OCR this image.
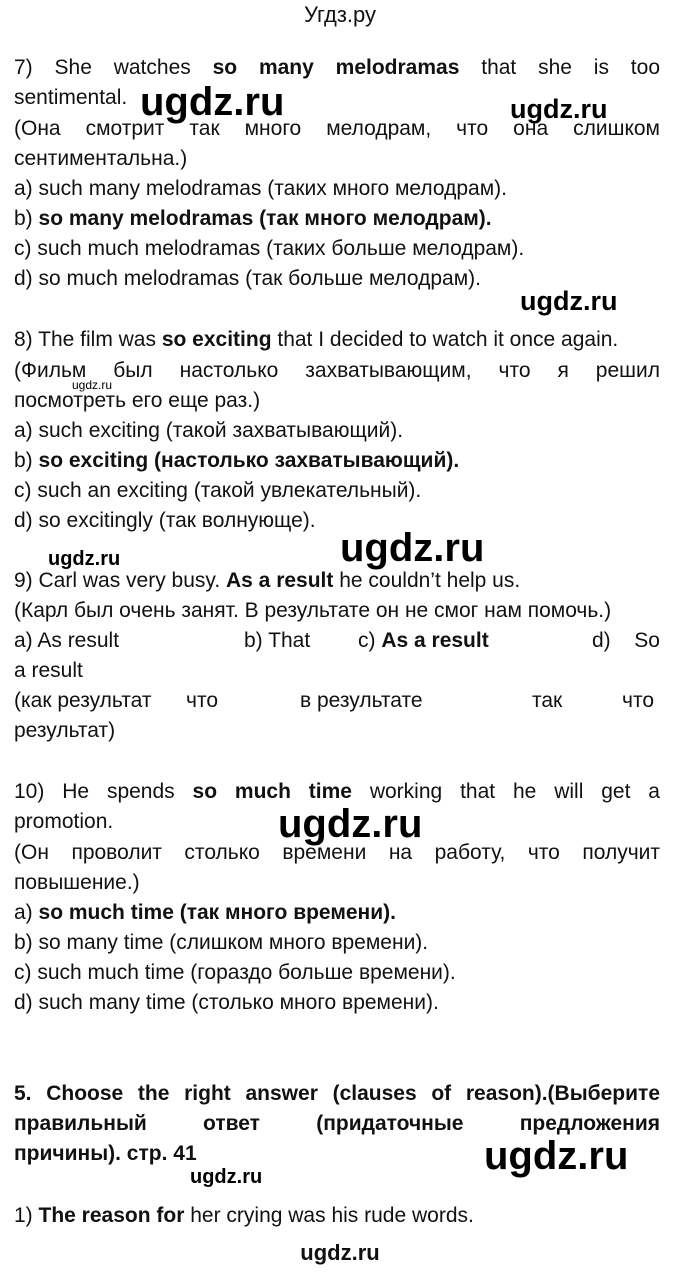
Угдз.ру
7) She watches so many melodramas that she is too
sentimental.
(Она смотрит так много мелодрам, что она слишком
сентиментальна.)
a) such many melodramas (таких много мелодрам).
b) so many melodramas (так много мелодрам).
c) such much melodramas (таких больше мелодрам).
d) so much melodramas (так больше мелодрам).
8) The film was so exciting that I decided to watch it once again.
(Фильм был настолько захватывающим, что я решил
посмотреть его еще раз.)
a) such exciting (такой захватывающий).
b) so exciting (настолько захватывающий).
c) such an exciting (такой увлекательный).
d) so excitingly (так волнующе).
9) Carl was very busy. As a result he couldn’t help us.
(Карл был очень занят. В результате он не смог нам помочь.)
a) As result	b) That c) As a result	d) So
a result
(как результат что	в результате	так	что
результат)
10) He spends so much time working that he will get a
promotion.
(Он проволит столько времени на работу, что получит
повышение.)
a) so much time (так много времени).
b) so many time (слишком много времени).
c) such much time (гораздо больше времени).
d) such many time (столько много времени).
5. Choose the right answer (clauses of reason).(Выберите
правильный ответ (придаточные предложения
причины). стр. 41
1) The reason for her crying was his rude words.
ugdz.ru	ugdz.ru
ugdz.ru
ugdz.ru
ugdz.ru	ugdz.ru
ugdz.ru
ugdz.ru
ugdz.ru
ugdz.ru
